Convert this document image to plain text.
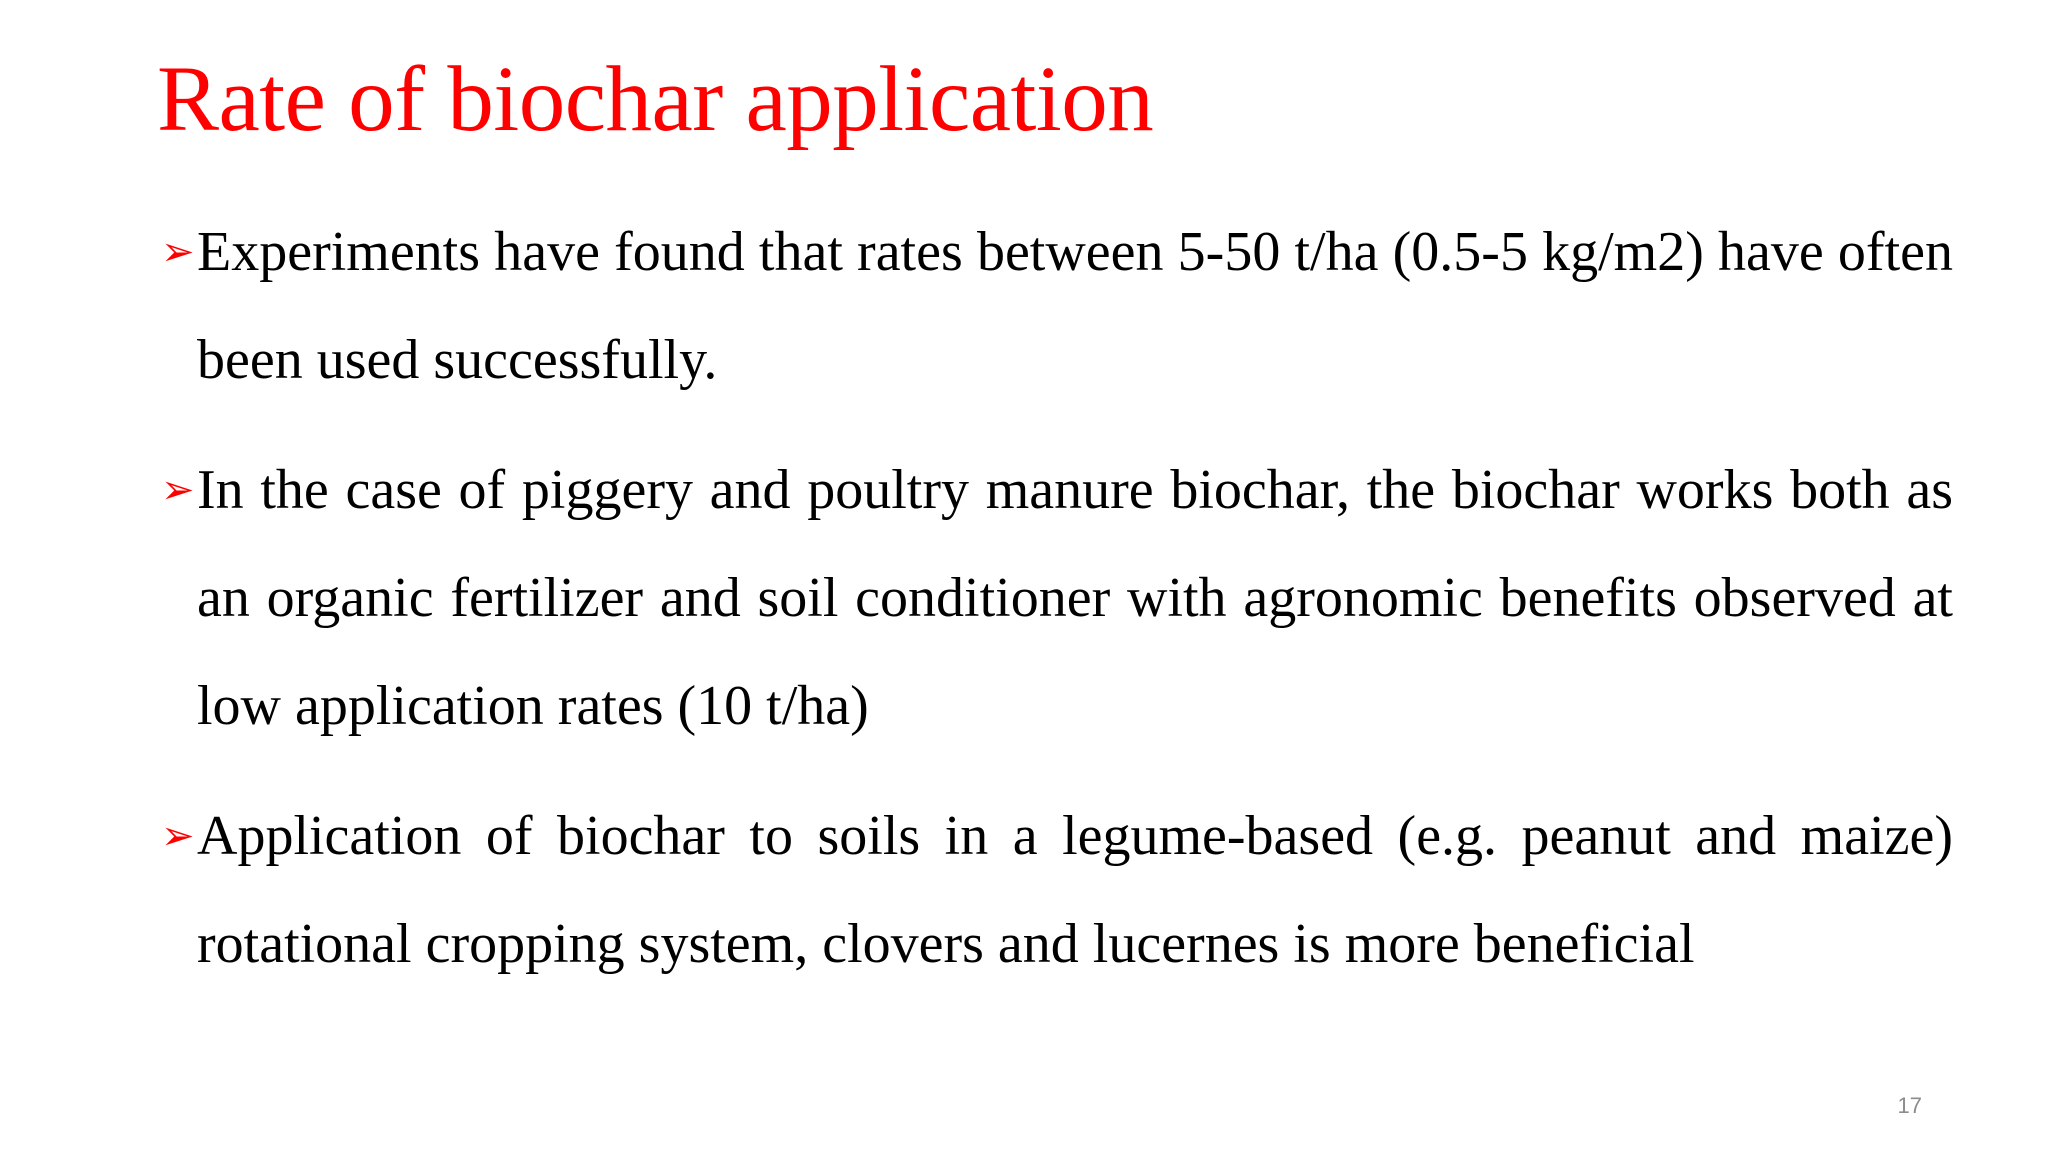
Rate of biochar application
➢ Experiments have found that rates between 5-50 t/ha (0.5-5 kg/m2) have often been used successfully.
➢ In the case of piggery and poultry manure biochar, the biochar works both as an organic fertilizer and soil conditioner with agronomic benefits observed at low application rates (10 t/ha)
➢ Application of biochar to soils in a legume-based (e.g. peanut and maize) rotational cropping system, clovers and lucernes is more beneficial
17
